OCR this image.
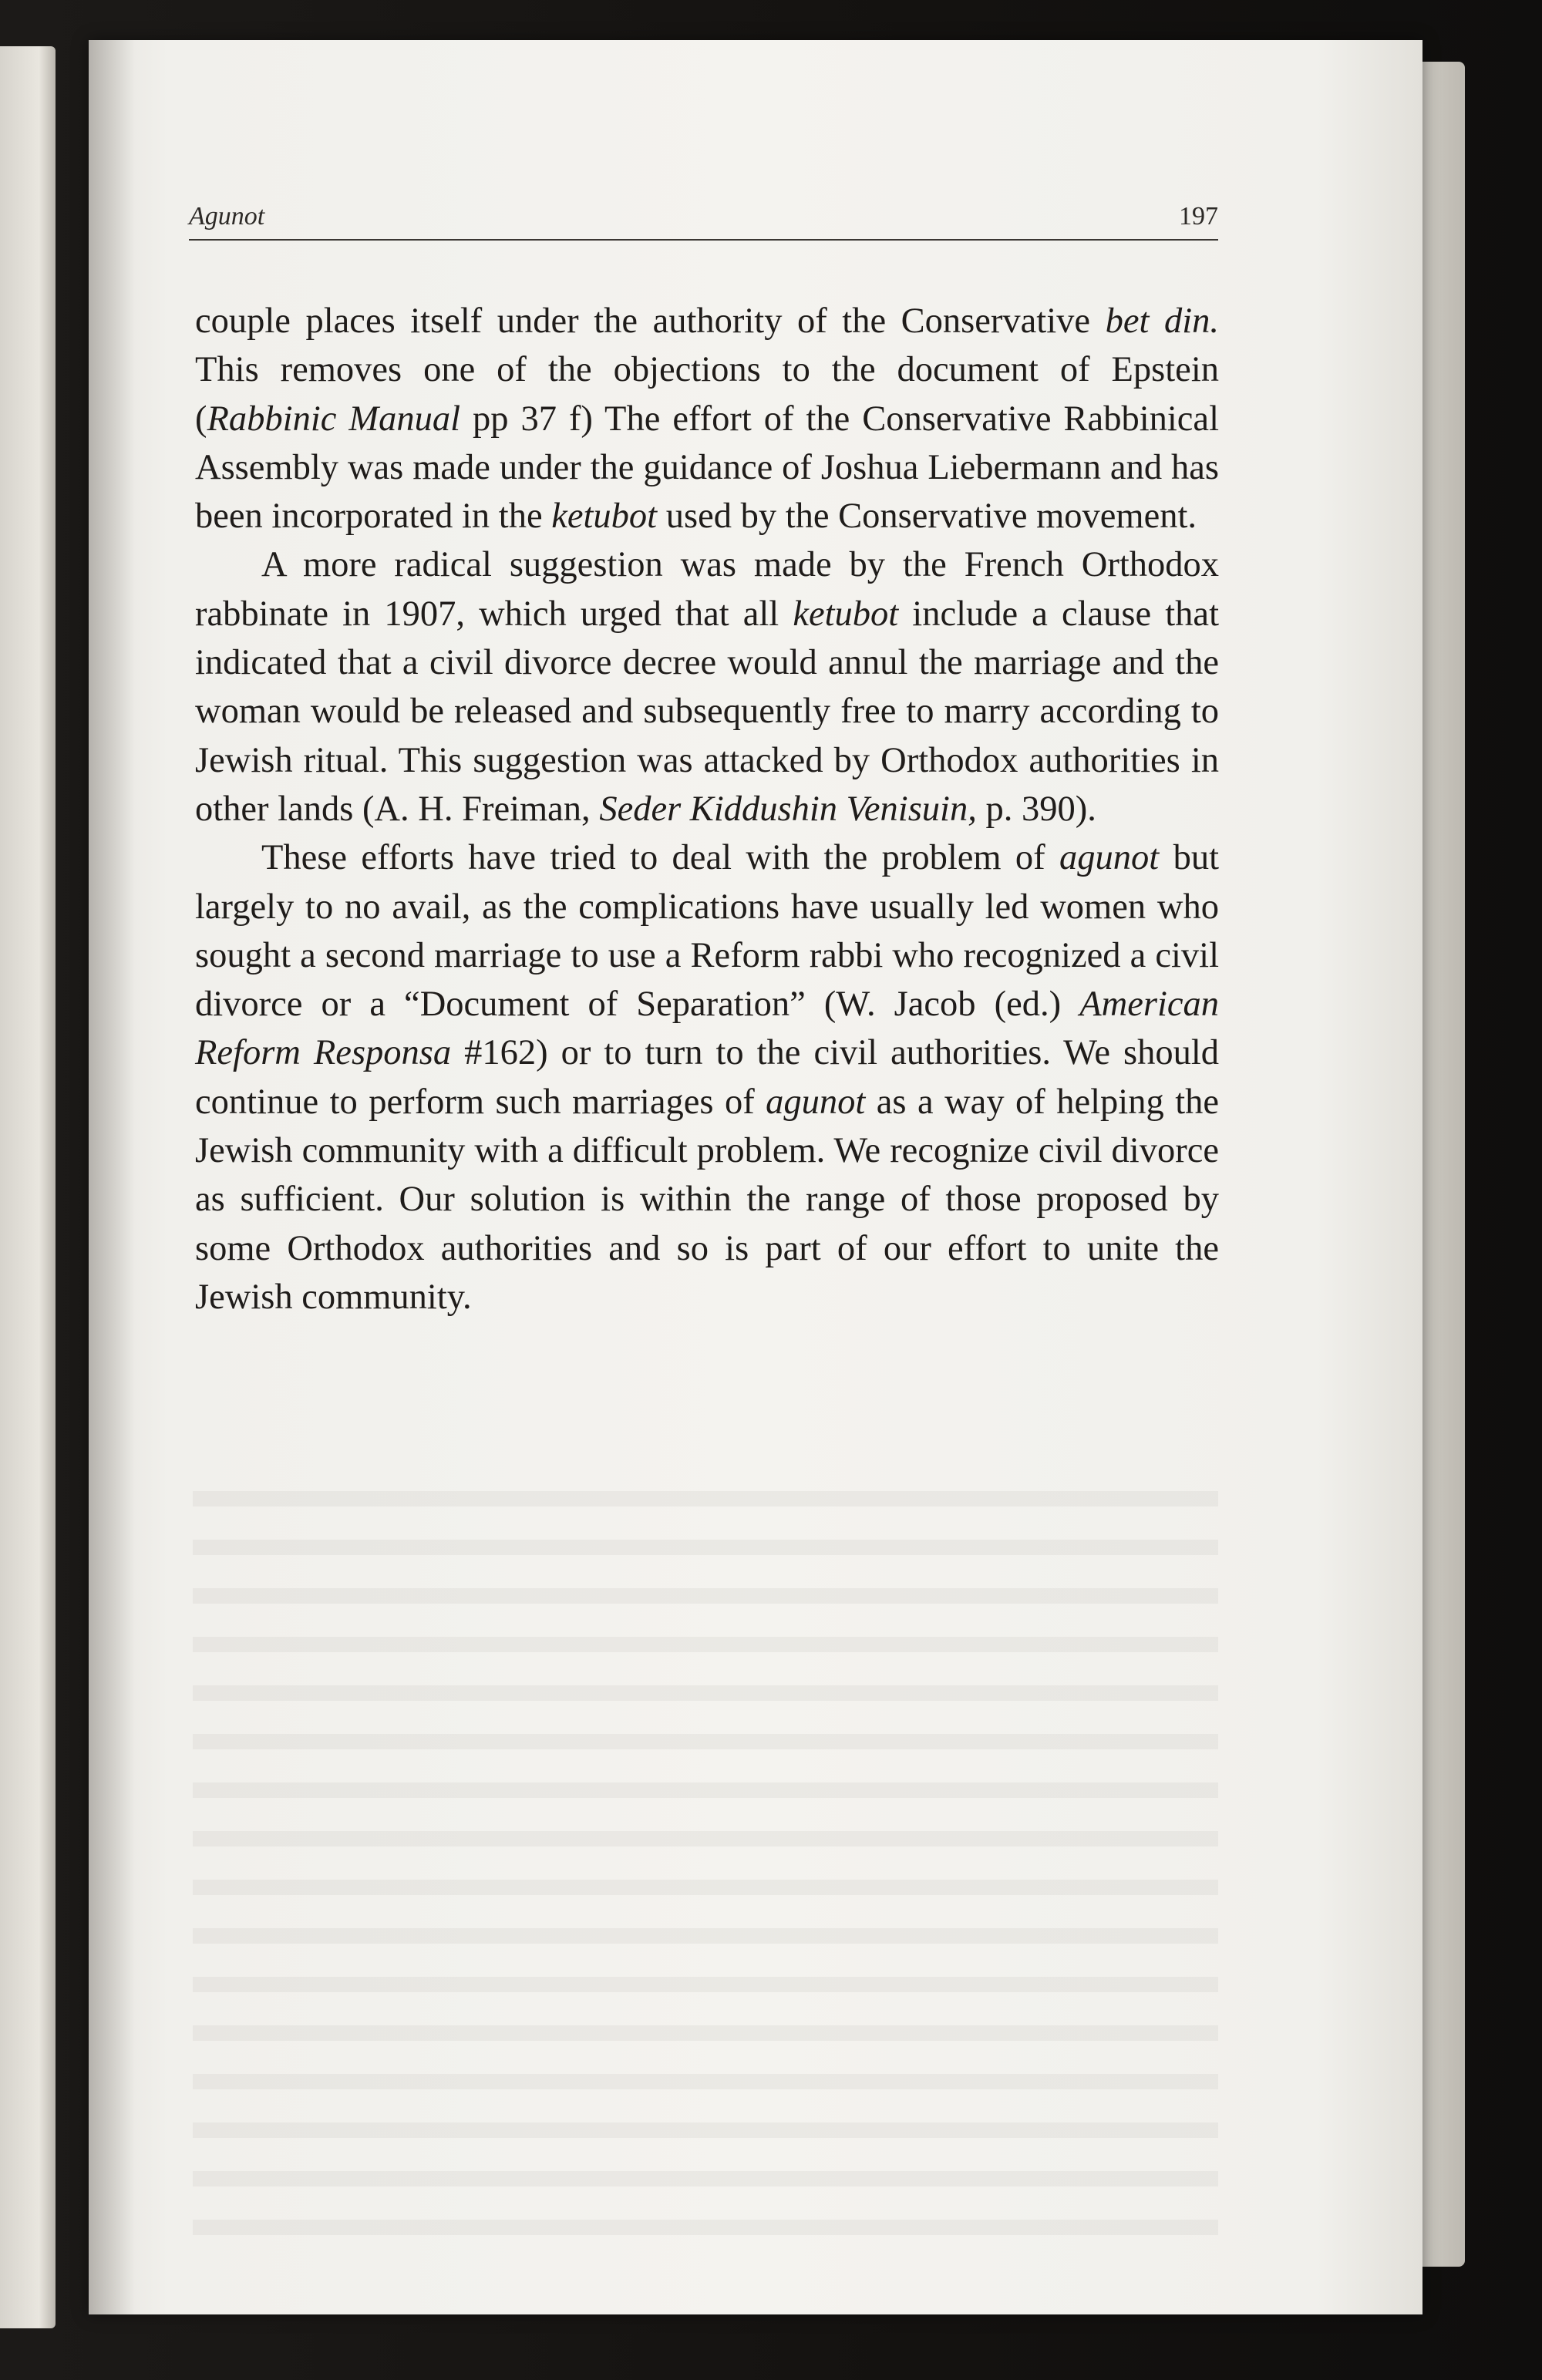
Agunot	197

couple places itself under the authority of the Conservative bet din. This removes one of the objections to the document of Epstein (Rabbinic Manual pp 37 f) The effort of the Conservative Rabbinical Assembly was made under the guidance of Joshua Liebermann and has been incorporated in the ketubot used by the Conservative movement.

A more radical suggestion was made by the French Orthodox rabbinate in 1907, which urged that all ketubot include a clause that indicated that a civil divorce decree would annul the marriage and the woman would be released and subsequently free to marry according to Jewish ritual. This suggestion was attacked by Orthodox authorities in other lands (A. H. Freiman, Seder Kiddushin Venisuin, p. 390).

These efforts have tried to deal with the problem of agunot but largely to no avail, as the complications have usually led women who sought a second marriage to use a Reform rabbi who recognized a civil divorce or a “Document of Separation” (W. Jacob (ed.) American Reform Responsa #162) or to turn to the civil authorities. We should continue to perform such marriages of agunot as a way of helping the Jewish community with a difficult problem. We recognize civil divorce as sufficient. Our solution is within the range of those proposed by some Orthodox authorities and so is part of our effort to unite the Jewish community.
